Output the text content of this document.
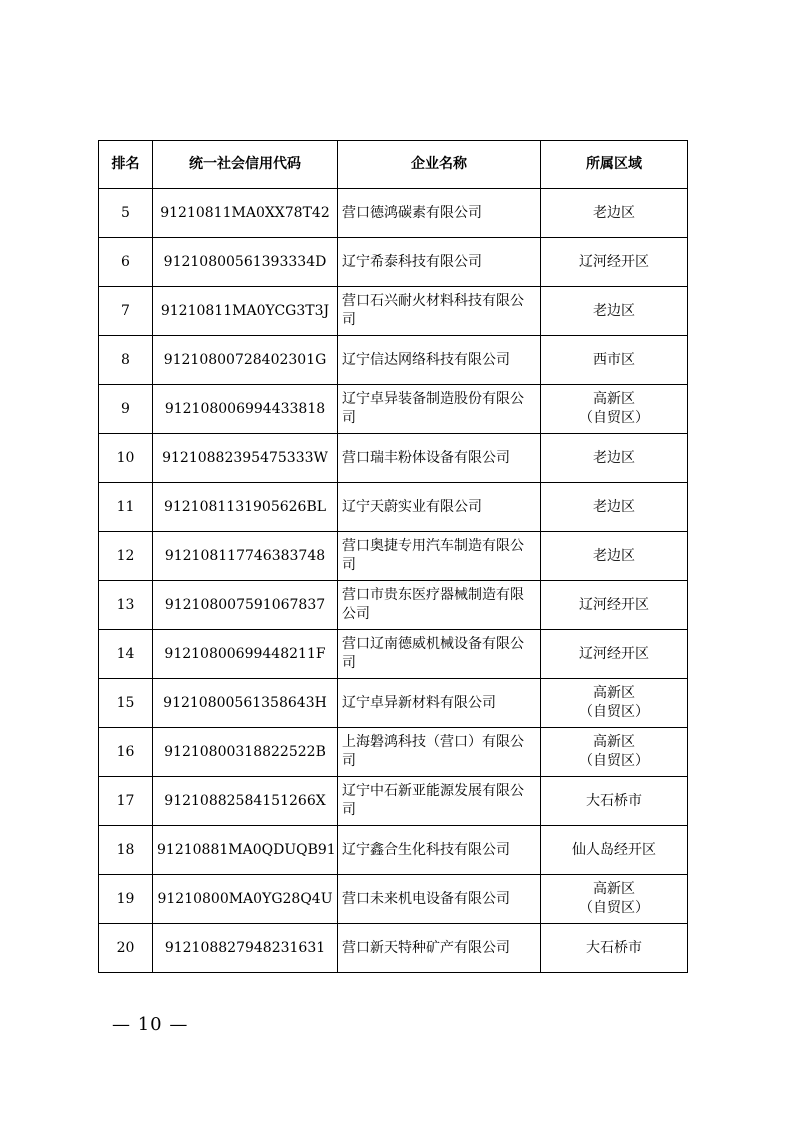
排名	统一社会信用代码	企业名称	所属区域
5	91210811MA0XX78T42	营口德鸿碳素有限公司	老边区

6	91210800561393334D	辽宁希泰科技有限公司	辽河经开区

7	91210811MA0YCG3T3J	营口石兴耐火材料科技有限公司	老边区

8	91210800728402301G	辽宁信达网络科技有限公司	西市区

9	912108006994433818	辽宁卓异装备制造股份有限公司	高新区
（自贸区）

10	91210882395475333W	营口瑞丰粉体设备有限公司	老边区

11	9121081131905626BL	辽宁天蔚实业有限公司	老边区

12	912108117746383748	营口奥捷专用汽车制造有限公司	老边区

13	912108007591067837	营口市贵东医疗器械制造有限公司	辽河经开区

14	91210800699448211F	营口辽南德威机械设备有限公司	辽河经开区

15	91210800561358643H	辽宁卓异新材料有限公司	高新区
（自贸区）

16	91210800318822522B	上海磐鸿科技（营口）有限公司	高新区
（自贸区）

17	91210882584151266X	辽宁中石新亚能源发展有限公司	大石桥市

18	91210881MA0QDUQB91	辽宁鑫合生化科技有限公司	仙人岛经开区

19	91210800MA0YG28Q4U	营口未来机电设备有限公司	高新区
（自贸区）

20	912108827948231631	营口新天特种矿产有限公司	大石桥市
— 10 —
